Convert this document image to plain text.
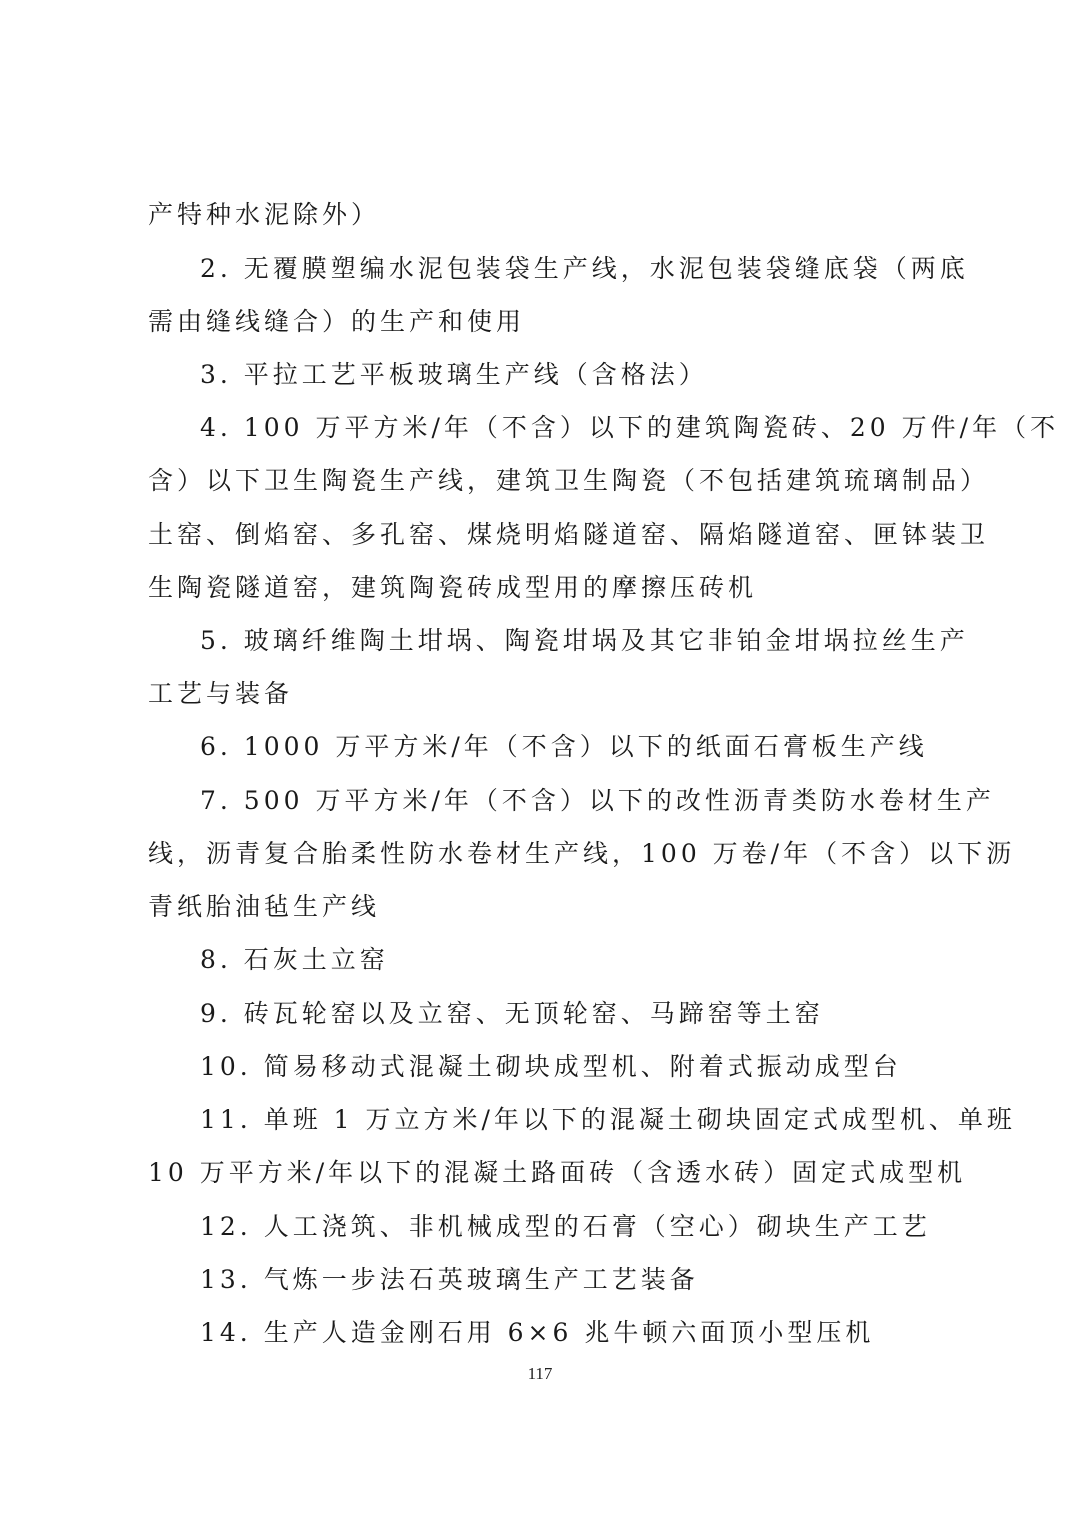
产特种水泥除外）
2. 无覆膜塑编水泥包装袋生产线，水泥包装袋缝底袋（两底
需由缝线缝合）的生产和使用
3. 平拉工艺平板玻璃生产线（含格法）
4. 100 万平方米/年（不含）以下的建筑陶瓷砖、20 万件/年（不
含）以下卫生陶瓷生产线，建筑卫生陶瓷（不包括建筑琉璃制品）
土窑、倒焰窑、多孔窑、煤烧明焰隧道窑、隔焰隧道窑、匣钵装卫
生陶瓷隧道窑，建筑陶瓷砖成型用的摩擦压砖机
5. 玻璃纤维陶土坩埚、陶瓷坩埚及其它非铂金坩埚拉丝生产
工艺与装备
6. 1000 万平方米/年（不含）以下的纸面石膏板生产线
7. 500 万平方米/年（不含）以下的改性沥青类防水卷材生产
线，沥青复合胎柔性防水卷材生产线，100 万卷/年（不含）以下沥
青纸胎油毡生产线
8. 石灰土立窑
9. 砖瓦轮窑以及立窑、无顶轮窑、马蹄窑等土窑
10. 简易移动式混凝土砌块成型机、附着式振动成型台
11. 单班 1 万立方米/年以下的混凝土砌块固定式成型机、单班
10 万平方米/年以下的混凝土路面砖（含透水砖）固定式成型机
12. 人工浇筑、非机械成型的石膏（空心）砌块生产工艺
13. 气炼一步法石英玻璃生产工艺装备
14. 生产人造金刚石用 6×6 兆牛顿六面顶小型压机
117
